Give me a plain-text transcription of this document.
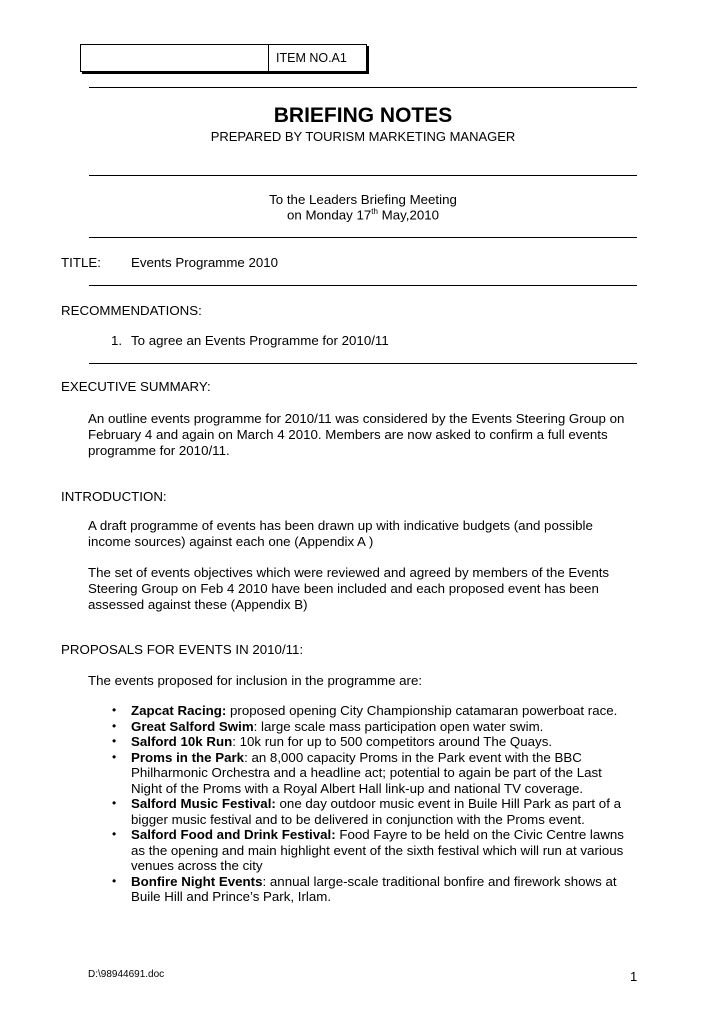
ITEM NO.A1
BRIEFING NOTES
PREPARED BY TOURISM MARKETING MANAGER
To the Leaders Briefing Meeting
on Monday 17th May,2010
TITLE: Events Programme 2010
RECOMMENDATIONS:
1. To agree an Events Programme for 2010/11
EXECUTIVE SUMMARY:
An outline events programme for 2010/11 was considered by the Events Steering Group on
February 4 and again on March 4 2010. Members are now asked to confirm a full events
programme for 2010/11.
INTRODUCTION:
A draft programme of events has been drawn up with indicative budgets (and possible
income sources) against each one (Appendix A )
The set of events objectives which were reviewed and agreed by members of the Events
Steering Group on Feb 4 2010 have been included and each proposed event has been
assessed against these (Appendix B)
PROPOSALS FOR EVENTS IN 2010/11:
The events proposed for inclusion in the programme are:
• Zapcat Racing: proposed opening City Championship catamaran powerboat race.
• Great Salford Swim: large scale mass participation open water swim.
• Salford 10k Run: 10k run for up to 500 competitors around The Quays.
• Proms in the Park: an 8,000 capacity Proms in the Park event with the BBC
Philharmonic Orchestra and a headline act; potential to again be part of the Last
Night of the Proms with a Royal Albert Hall link-up and national TV coverage.
• Salford Music Festival: one day outdoor music event in Buile Hill Park as part of a
bigger music festival and to be delivered in conjunction with the Proms event.
• Salford Food and Drink Festival: Food Fayre to be held on the Civic Centre lawns
as the opening and main highlight event of the sixth festival which will run at various
venues across the city
• Bonfire Night Events: annual large-scale traditional bonfire and firework shows at
Buile Hill and Prince’s Park, Irlam.
D:\98944691.doc	1
